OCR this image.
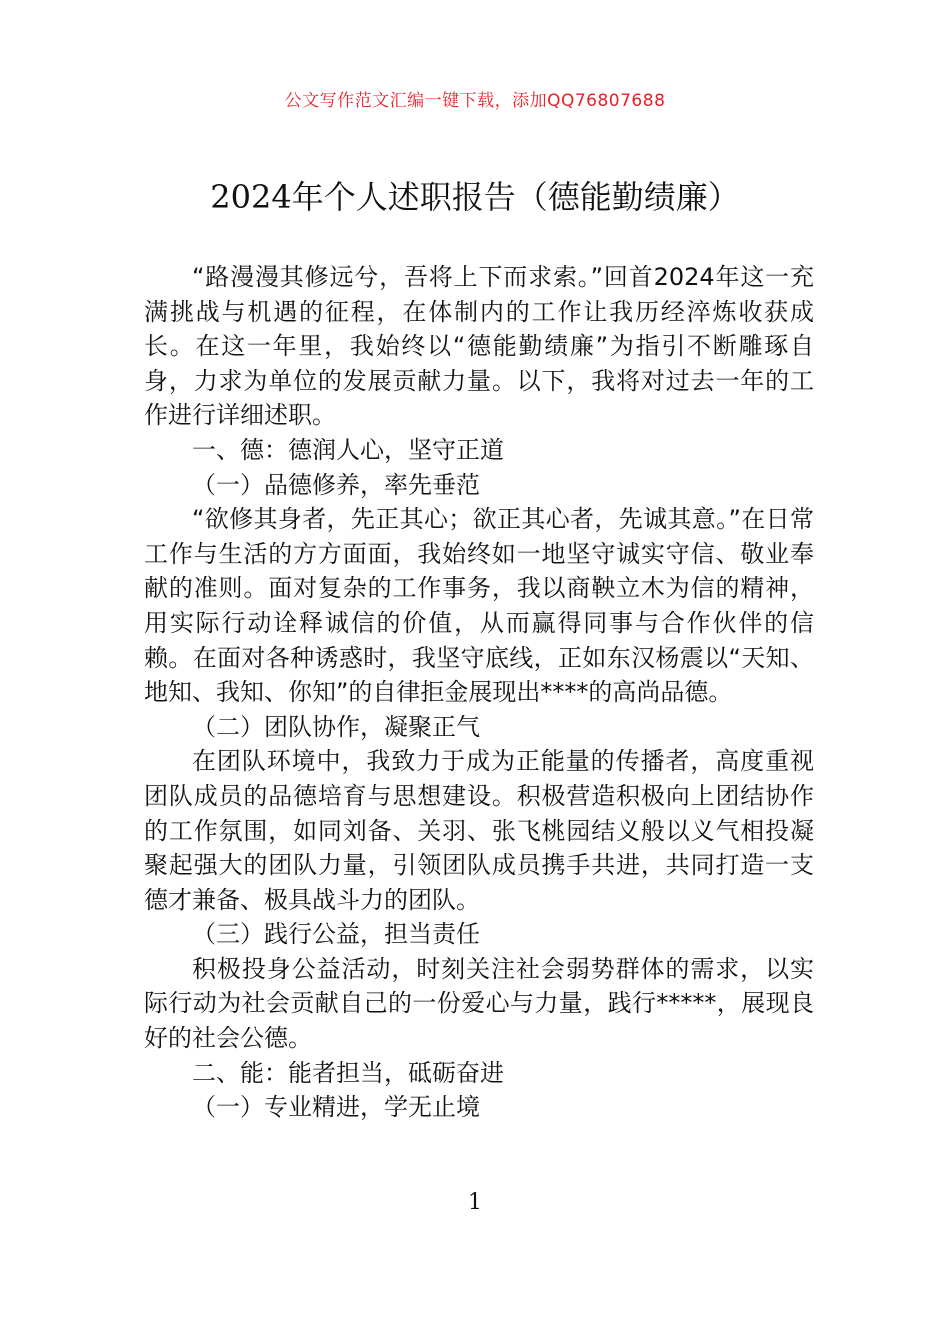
公文写作范文汇编一键下载，添加QQ76807688
2024年个人述职报告（德能勤绩廉）

“路漫漫其修远兮，吾将上下而求索。”回首2024年这一充满挑战与机遇的征程，在体制内的工作让我历经淬炼收获成长。在这一年里，我始终以“德能勤绩廉”为指引不断雕琢自身，力求为单位的发展贡献力量。以下，我将对过去一年的工作进行详细述职。

一、德：德润人心，坚守正道

（一）品德修养，率先垂范

“欲修其身者，先正其心；欲正其心者，先诚其意。”在日常工作与生活的方方面面，我始终如一地坚守诚实守信、敬业奉献的准则。面对复杂的工作事务，我以商鞅立木为信的精神，用实际行动诠释诚信的价值，从而赢得同事与合作伙伴的信赖。在面对各种诱惑时，我坚守底线，正如东汉杨震以“天知、地知、我知、你知”的自律拒金展现出****的高尚品德。

（二）团队协作，凝聚正气

在团队环境中，我致力于成为正能量的传播者，高度重视团队成员的品德培育与思想建设。积极营造积极向上团结协作的工作氛围，如同刘备、关羽、张飞桃园结义般以义气相投凝聚起强大的团队力量，引领团队成员携手共进，共同打造一支德才兼备、极具战斗力的团队。

（三）践行公益，担当责任

积极投身公益活动，时刻关注社会弱势群体的需求，以实际行动为社会贡献自己的一份爱心与力量，践行*****，展现良好的社会公德。

二、能：能者担当，砥砺奋进

（一）专业精进，学无止境

1
